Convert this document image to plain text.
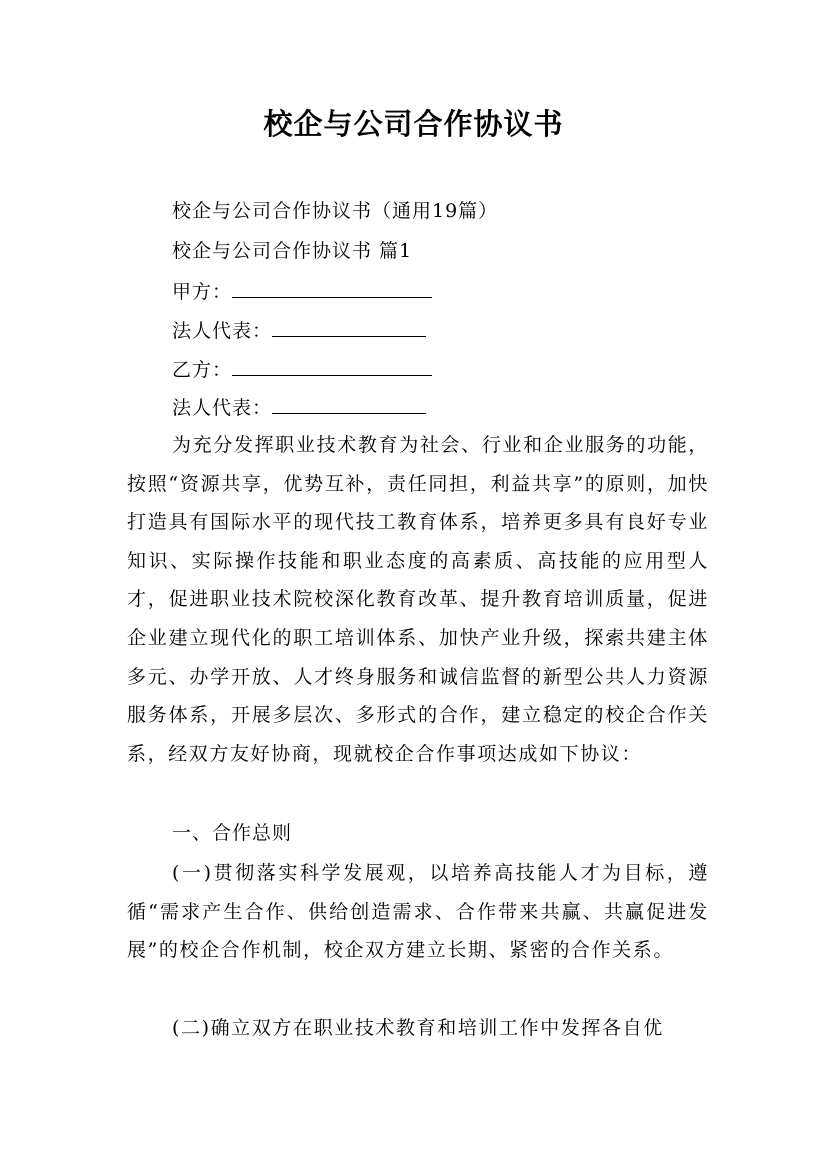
校企与公司合作协议书
校企与公司合作协议书（通用19篇）
校企与公司合作协议书 篇1
甲方：
法人代表：
乙方：
法人代表：

为充分发挥职业技术教育为社会、行业和企业服务的功能，按照“资源共享，优势互补，责任同担，利益共享”的原则，加快打造具有国际水平的现代技工教育体系，培养更多具有良好专业知识、实际操作技能和职业态度的高素质、高技能的应用型人才，促进职业技术院校深化教育改革、提升教育培训质量，促进企业建立现代化的职工培训体系、加快产业升级，探索共建主体多元、办学开放、人才终身服务和诚信监督的新型公共人力资源服务体系，开展多层次、多形式的合作，建立稳定的校企合作关系，经双方友好协商，现就校企合作事项达成如下协议：

一、合作总则

(一)贯彻落实科学发展观，以培养高技能人才为目标，遵循“需求产生合作、供给创造需求、合作带来共赢、共赢促进发展”的校企合作机制，校企双方建立长期、紧密的合作关系。

(二)确立双方在职业技术教育和培训工作中发挥各自优
